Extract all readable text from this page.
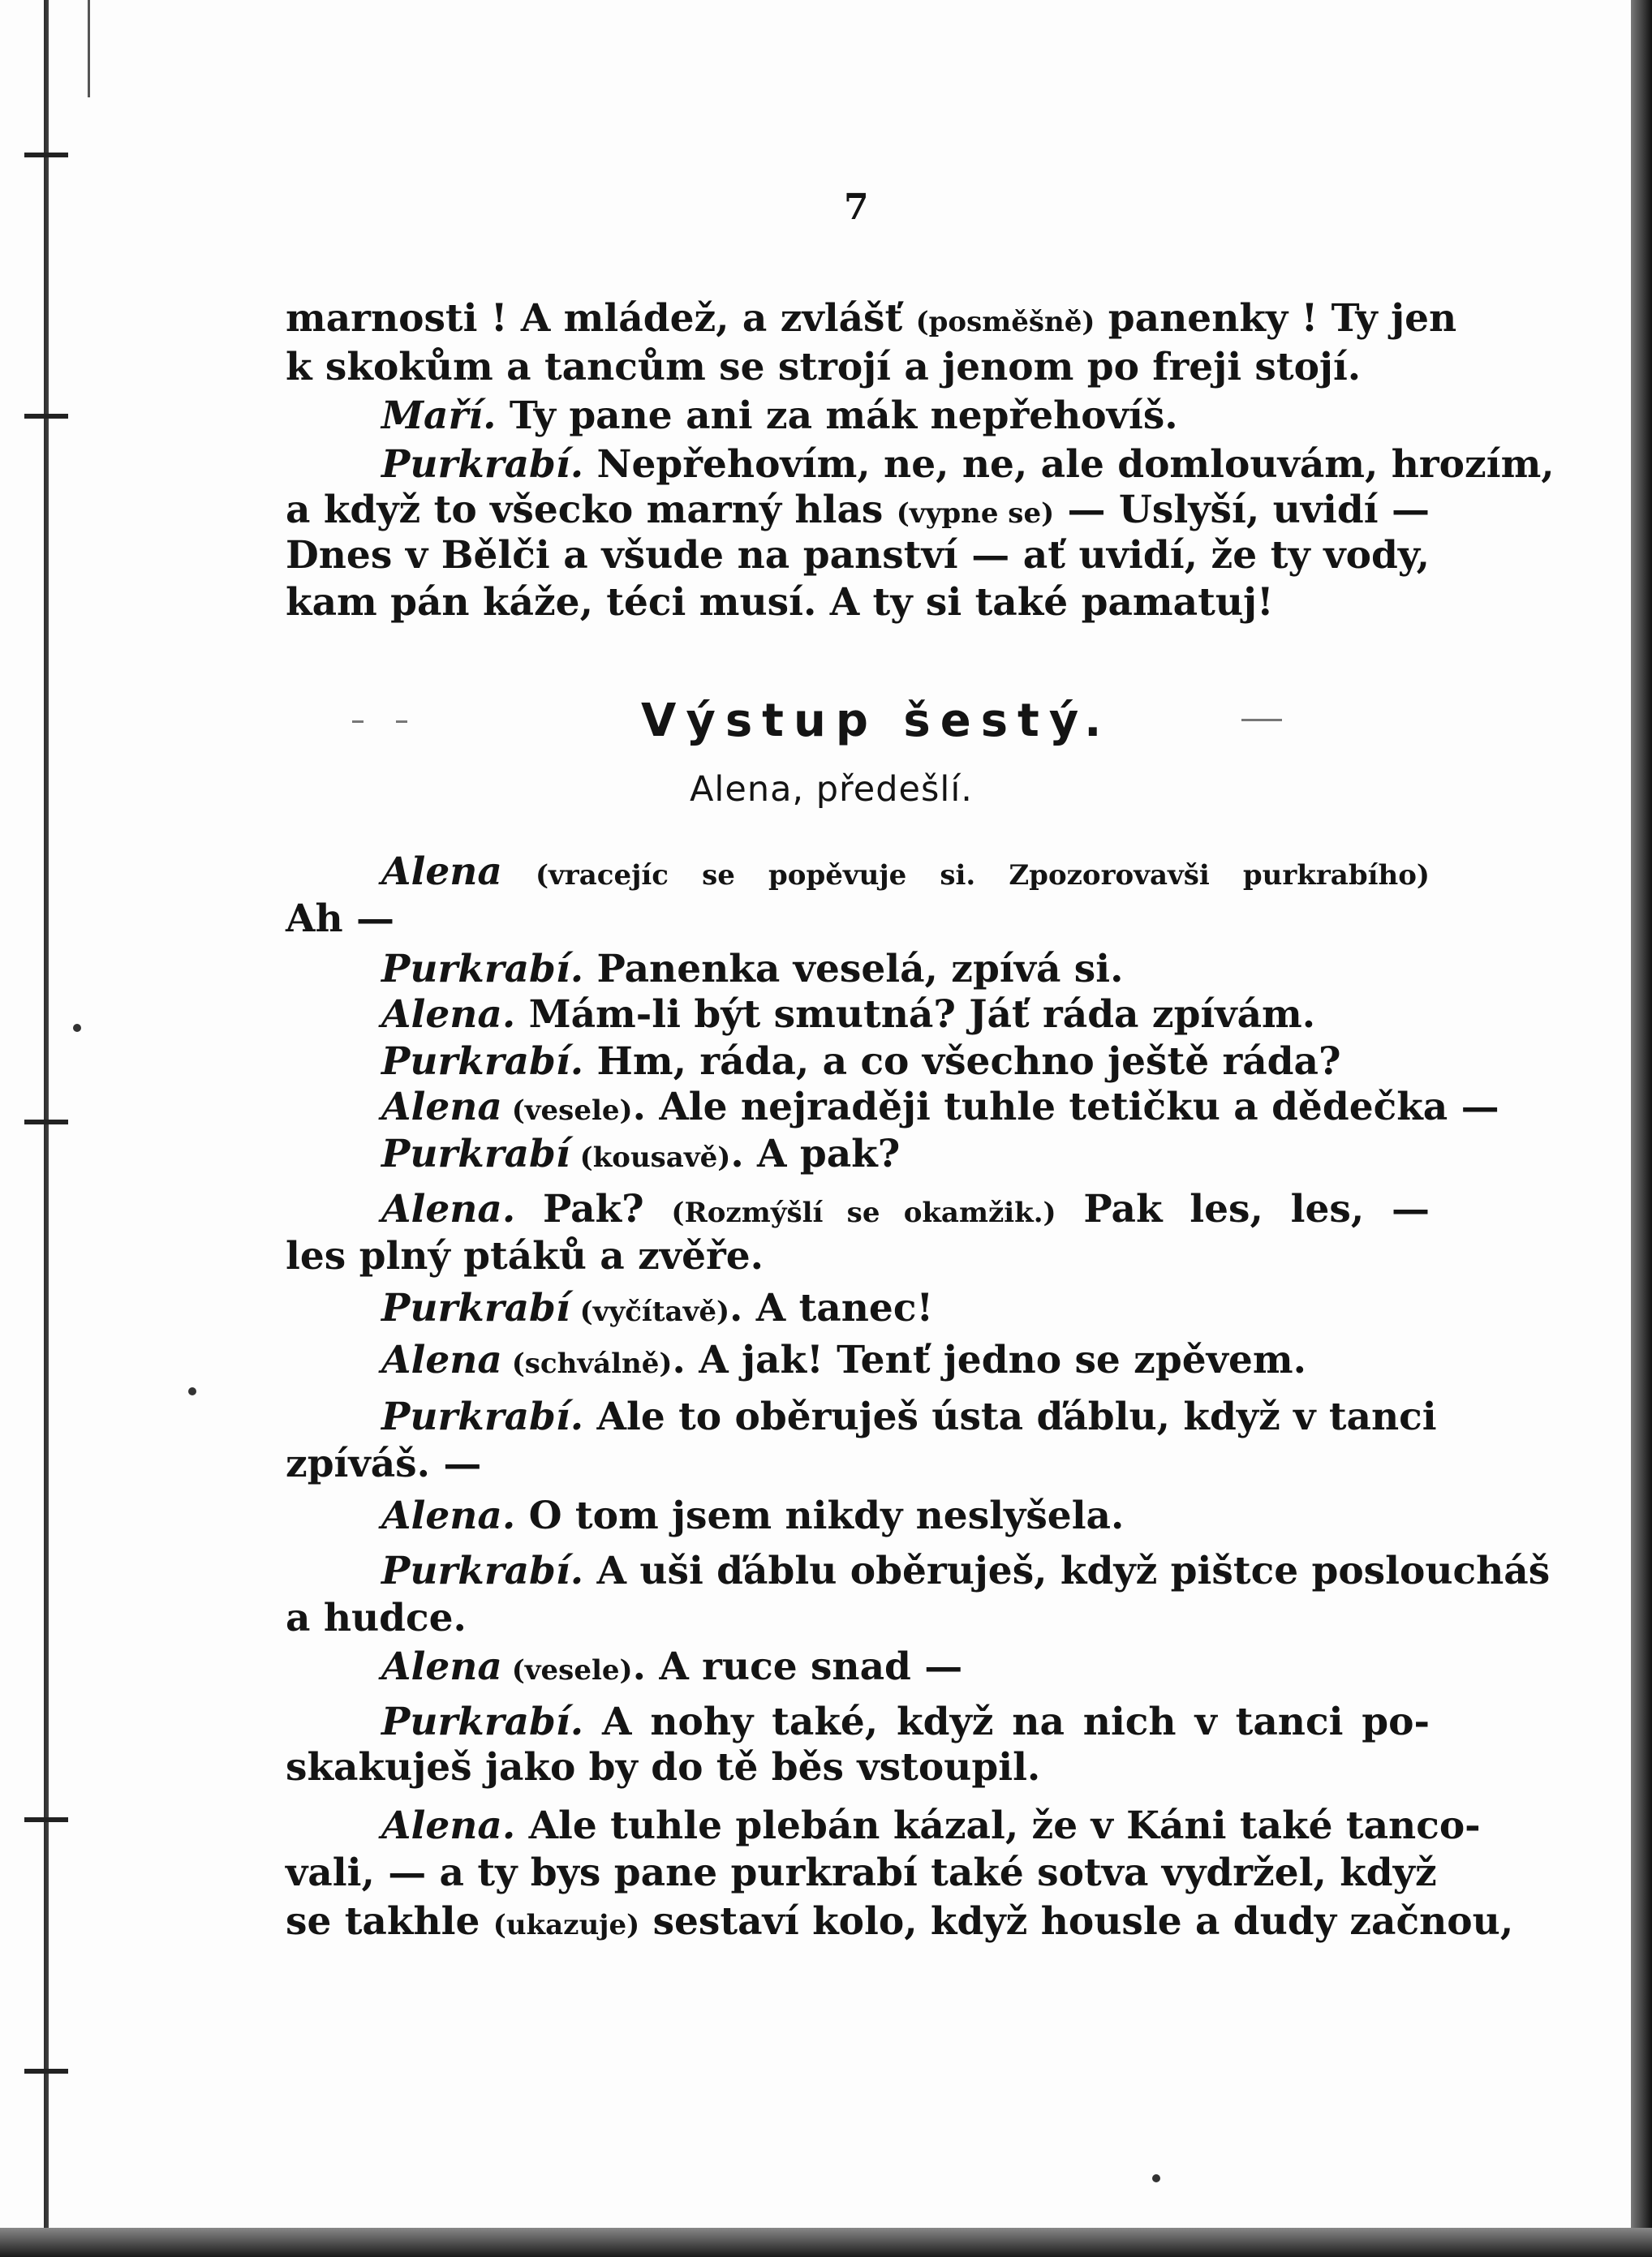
7
marnosti ! A mládež, a zvlášť (posměšně) panenky ! Ty jen
k skokům a tancům se strojí a jenom po freji stojí.
Maří. Ty pane ani za mák nepřehovíš.
Purkrabí. Nepřehovím, ne, ne, ale domlouvám, hrozím,
a když to všecko marný hlas (vypne se) — Uslyší, uvidí —
Dnes v Bělči a všude na panství — ať uvidí, že ty vody,
kam pán káže, téci musí. A ty si také pamatuj!
Výstup šestý.
Alena, předešlí.
Alena (vracejíc se popěvuje si. Zpozorovavši purkrabího)
Ah —
Purkrabí. Panenka veselá, zpívá si.
Alena. Mám-li být smutná? Jáť ráda zpívám.
Purkrabí. Hm, ráda, a co všechno ještě ráda?
Alena (vesele). Ale nejraději tuhle tetičku a dědečka —
Purkrabí (kousavě). A pak?
Alena. Pak? (Rozmýšlí se okamžik.) Pak les, les, —
les plný ptáků a zvěře.
Purkrabí (vyčítavě). A tanec!
Alena (schválně). A jak! Tenť jedno se zpěvem.
Purkrabí. Ale to oběruješ ústa ďáblu, když v tanci
zpíváš. —
Alena. O tom jsem nikdy neslyšela.
Purkrabí. A uši ďáblu oběruješ, když pištce posloucháš
a hudce.
Alena (vesele). A ruce snad —
Purkrabí. A nohy také, když na nich v tanci po-
skakuješ jako by do tě běs vstoupil.
Alena. Ale tuhle plebán kázal, že v Káni také tanco-
vali, — a ty bys pane purkrabí také sotva vydržel, když
se takhle (ukazuje) sestaví kolo, když housle a dudy začnou,
